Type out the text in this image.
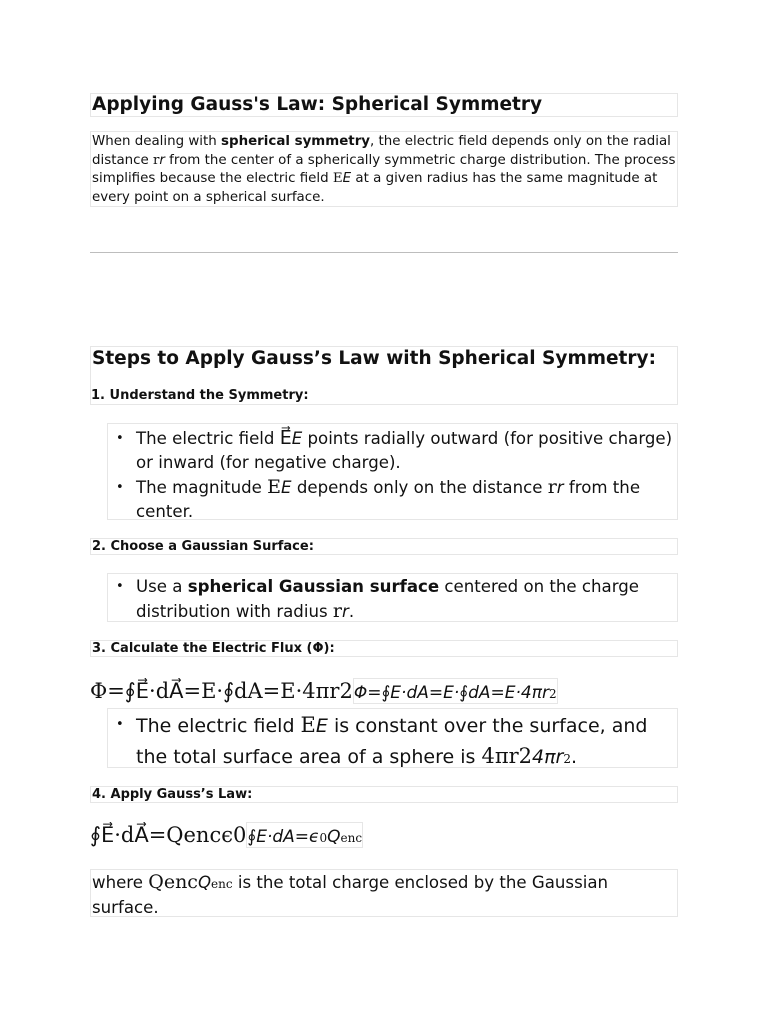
Applying Gauss's Law: Spherical Symmetry
When dealing with spherical symmetry, the electric field depends only on the radial distance rr from the center of a spherically symmetric charge distribution. The process simplifies because the electric field EE at a given radius has the same magnitude at every point on a spherical surface.
Steps to Apply Gauss’s Law with Spherical Symmetry:
1. Understand the Symmetry:
• The electric field E⃗E points radially outward (for positive charge) or inward (for negative charge).
• The magnitude EE depends only on the distance rr from the center.
2. Choose a Gaussian Surface:
• Use a spherical Gaussian surface centered on the charge distribution with radius rr.
3. Calculate the Electric Flux (Φ):
Φ=∮E⃗·dA⃗=E·∮dA=E·4πr2Φ=∮E·dA=E·∮dA=E·4πr2
• The electric field EE is constant over the surface, and the total surface area of a sphere is 4πr24πr2.
4. Apply Gauss’s Law:
∮E⃗·dA⃗=Qencϵ0∮E·dA=ϵ0Qenc
where QencQenc is the total charge enclosed by the Gaussian surface.
